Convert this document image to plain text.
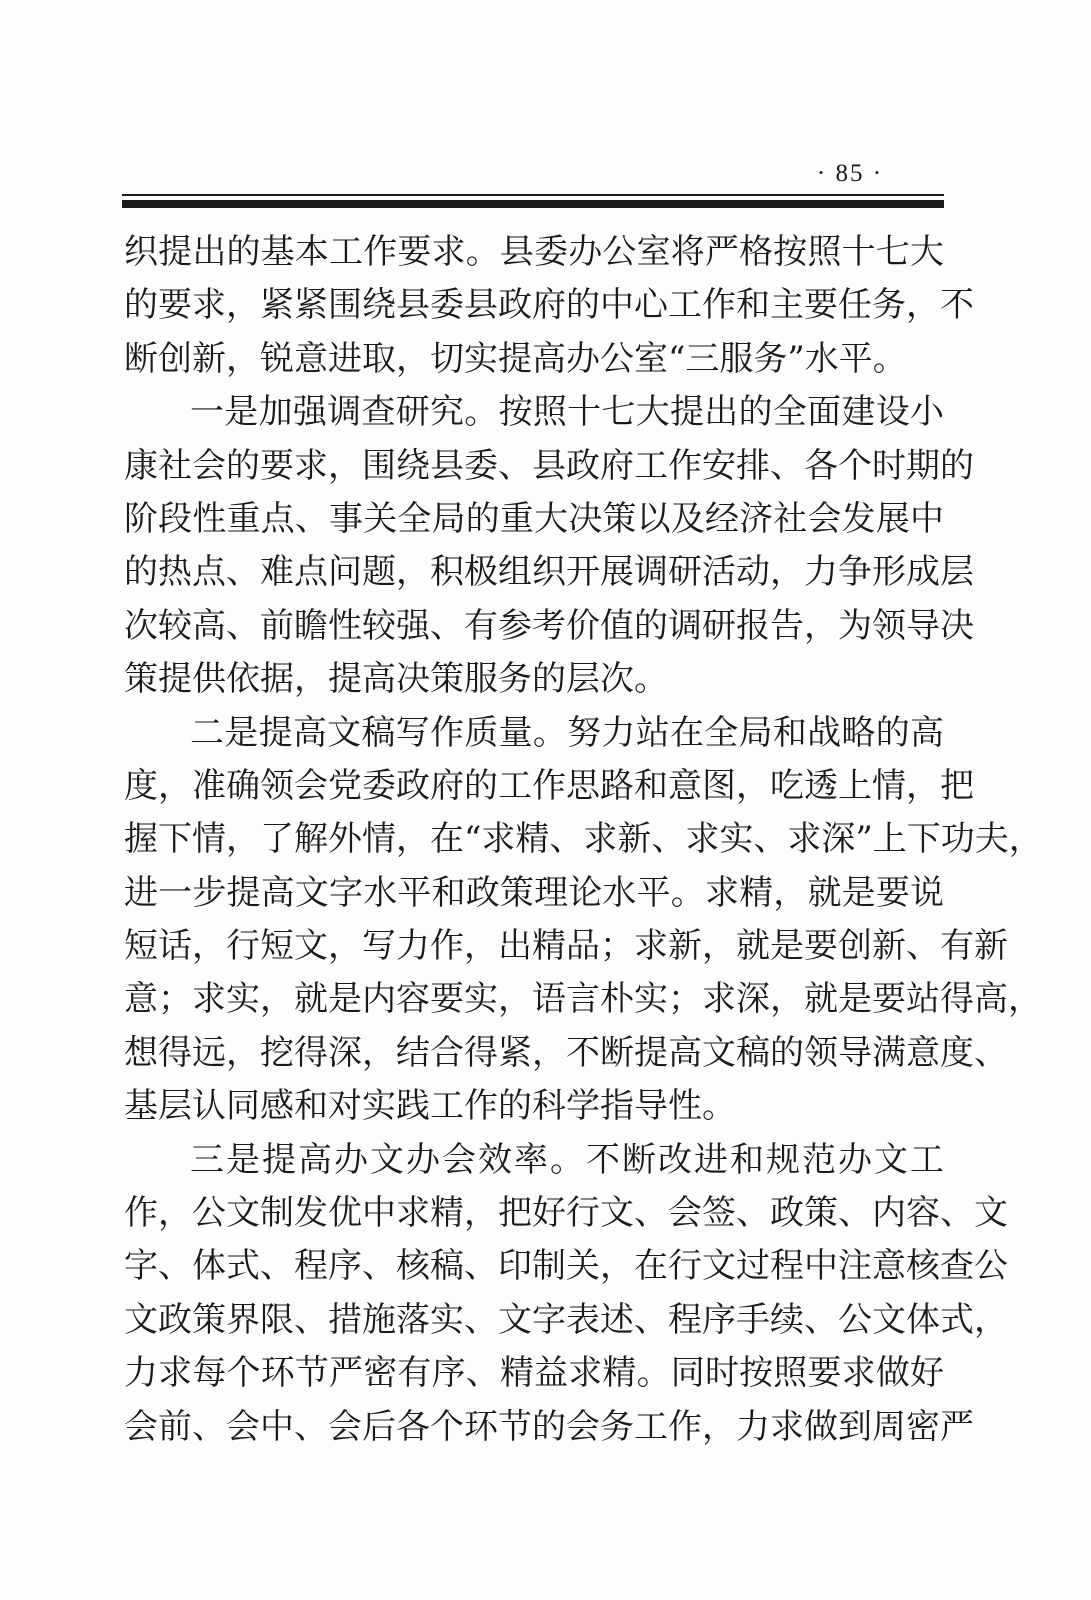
· 85 ·
织提出的基本工作要求。县委办公室将严格按照十七大
的要求，紧紧围绕县委县政府的中心工作和主要任务，不
断创新，锐意进取，切实提高办公室“三服务”水平。
一是加强调查研究。按照十七大提出的全面建设小
康社会的要求，围绕县委、县政府工作安排、各个时期的
阶段性重点、事关全局的重大决策以及经济社会发展中
的热点、难点问题，积极组织开展调研活动，力争形成层
次较高、前瞻性较强、有参考价值的调研报告，为领导决
策提供依据，提高决策服务的层次。
二是提高文稿写作质量。努力站在全局和战略的高
度，准确领会党委政府的工作思路和意图，吃透上情，把
握下情，了解外情，在“求精、求新、求实、求深”上下功夫，
进一步提高文字水平和政策理论水平。求精，就是要说
短话，行短文，写力作，出精品；求新，就是要创新、有新
意；求实，就是内容要实，语言朴实；求深，就是要站得高，
想得远，挖得深，结合得紧，不断提高文稿的领导满意度、
基层认同感和对实践工作的科学指导性。
三是提高办文办会效率。不断改进和规范办文工
作，公文制发优中求精，把好行文、会签、政策、内容、文
字、体式、程序、核稿、印制关，在行文过程中注意核查公
文政策界限、措施落实、文字表述、程序手续、公文体式，
力求每个环节严密有序、精益求精。同时按照要求做好
会前、会中、会后各个环节的会务工作，力求做到周密严
